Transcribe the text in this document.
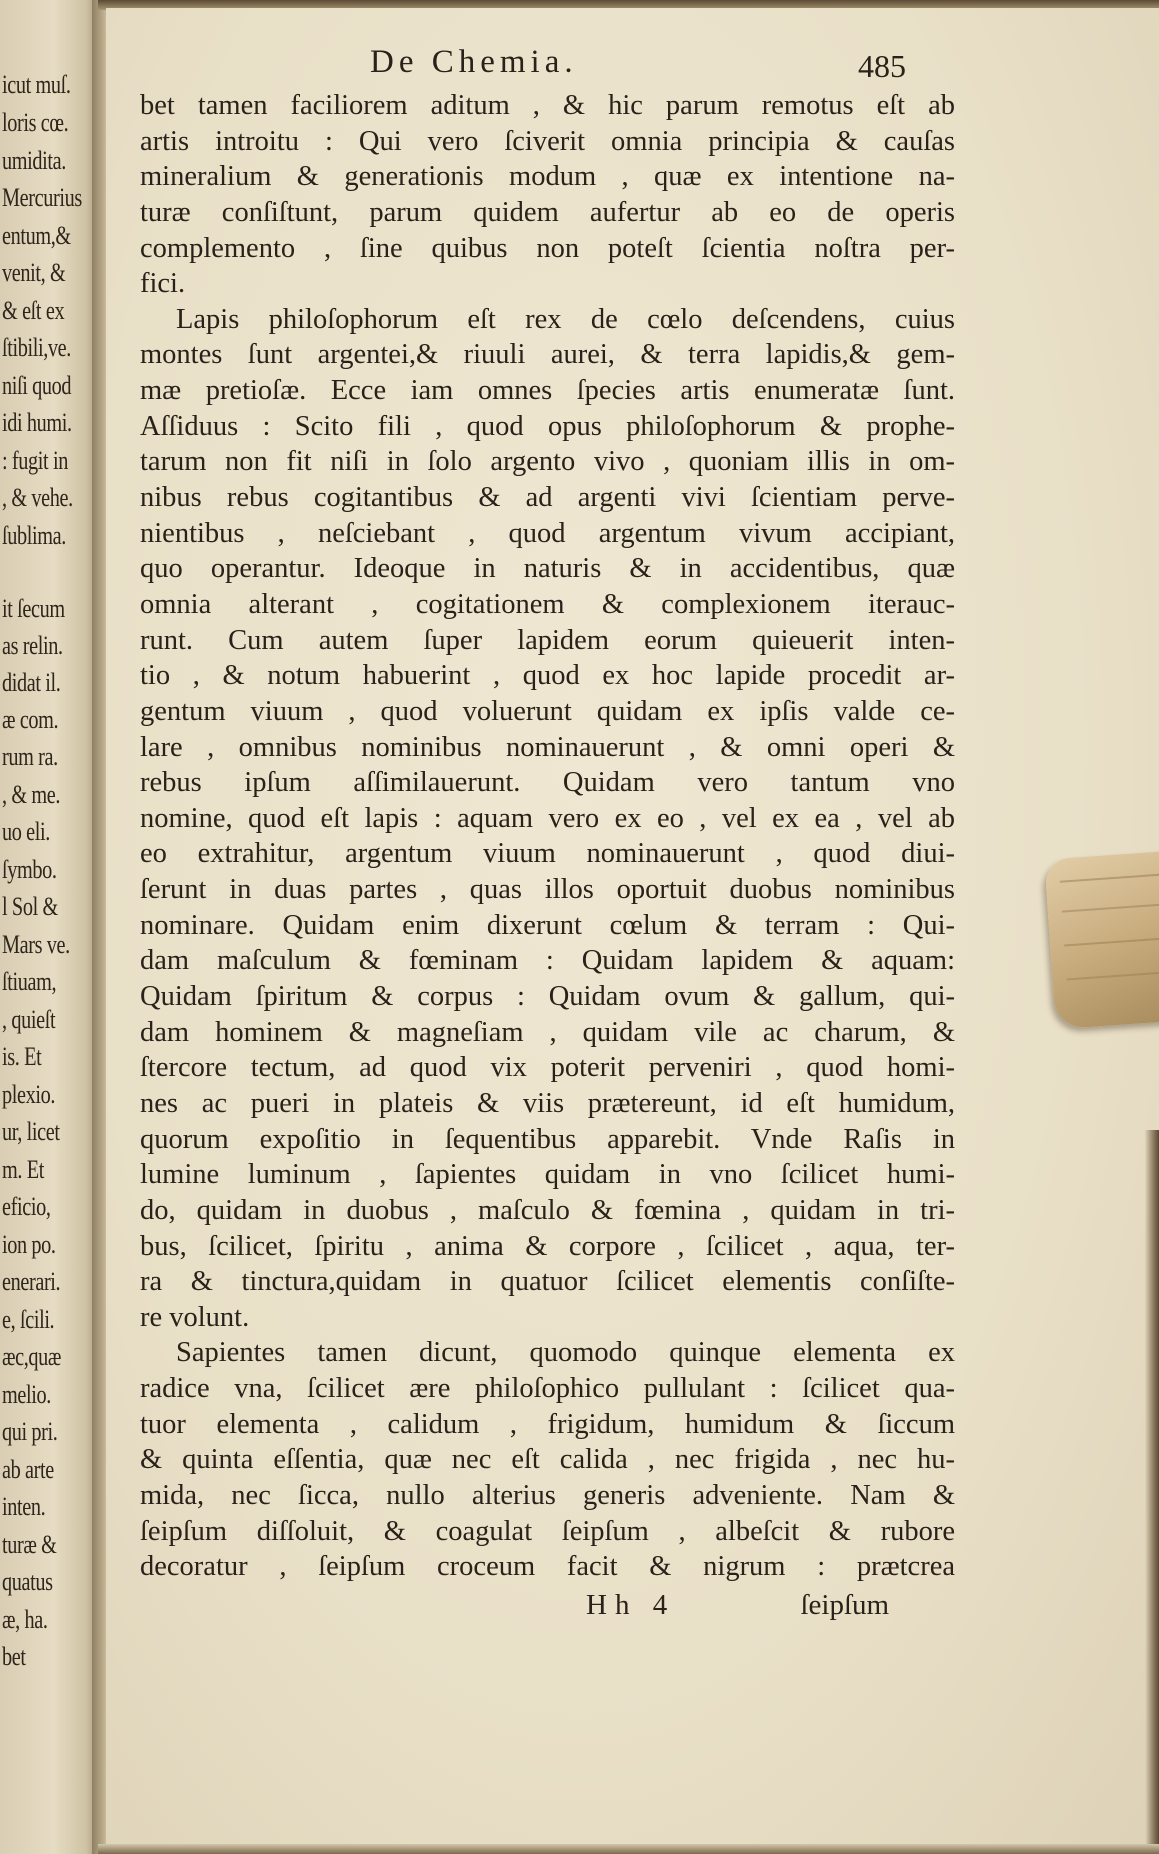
icut muſ.
loris cœ.
umidita.
Mercurius
entum,&
venit, &
& eſt ex
ſtibili,ve.
niſi quod
idi humi.
: fugit in
, & vehe.
ſublima.
it ſecum
as relin.
didat il.
æ com.
rum ra.
, & me.
uo eli.
ſymbo.
l Sol &
Mars ve.
ſtiuam,
, quieſt
is. Et
plexio.
ur, licet
m. Et
eficio,
ion po.
enerari.
e, ſcili.
æc,quæ
melio.
qui pri.
ab arte
inten.
turæ &
quatus
æ, ha.
bet
De Chemia.	485
bet tamen faciliorem aditum , & hic parum remotus eſt ab
artis introitu : Qui vero ſciverit omnia principia & cauſas
mineralium & generationis modum , quæ ex intentione na-
turæ conſiſtunt, parum quidem aufertur ab eo de operis
complemento , ſine quibus non poteſt ſcientia noſtra per-
fici.
Lapis philoſophorum eſt rex de cœlo deſcendens, cuius
montes ſunt argentei,& riuuli aurei, & terra lapidis,& gem-
mæ pretioſæ. Ecce iam omnes ſpecies artis enumeratæ ſunt.
Aſſiduus : Scito fili , quod opus philoſophorum & prophe-
tarum non fit niſi in ſolo argento vivo , quoniam illis in om-
nibus rebus cogitantibus & ad argenti vivi ſcientiam perve-
nientibus , neſciebant , quod argentum vivum accipiant,
quo operantur. Ideoque in naturis & in accidentibus, quæ
omnia alterant , cogitationem & complexionem iterauc-
runt. Cum autem ſuper lapidem eorum quieuerit inten-
tio , & notum habuerint , quod ex hoc lapide procedit ar-
gentum viuum , quod voluerunt quidam ex ipſis valde ce-
lare , omnibus nominibus nominauerunt , & omni operi &
rebus ipſum aſſimilauerunt. Quidam vero tantum vno
nomine, quod eſt lapis : aquam vero ex eo , vel ex ea , vel ab
eo extrahitur, argentum viuum nominauerunt , quod diui-
ſerunt in duas partes , quas illos oportuit duobus nominibus
nominare. Quidam enim dixerunt cœlum & terram : Qui-
dam maſculum & fœminam : Quidam lapidem & aquam:
Quidam ſpiritum & corpus : Quidam ovum & gallum, qui-
dam hominem & magneſiam , quidam vile ac charum, &
ſtercore tectum, ad quod vix poterit perveniri , quod homi-
nes ac pueri in plateis & viis prætereunt, id eſt humidum,
quorum expoſitio in ſequentibus apparebit. Vnde Raſis in
lumine luminum , ſapientes quidam in vno ſcilicet humi-
do, quidam in duobus , maſculo & fœmina , quidam in tri-
bus, ſcilicet, ſpiritu , anima & corpore , ſcilicet , aqua, ter-
ra & tinctura,quidam in quatuor ſcilicet elementis conſiſte-
re volunt.
Sapientes tamen dicunt, quomodo quinque elementa ex
radice vna, ſcilicet ære philoſophico pullulant : ſcilicet qua-
tuor elementa , calidum , frigidum, humidum & ſiccum
& quinta eſſentia, quæ nec eſt calida , nec frigida , nec hu-
mida, nec ſicca, nullo alterius generis adveniente. Nam &
ſeipſum diſſoluit, & coagulat ſeipſum , albeſcit & rubore
decoratur , ſeipſum croceum facit & nigrum : prætcrea
Hh 4	ſeipſum
